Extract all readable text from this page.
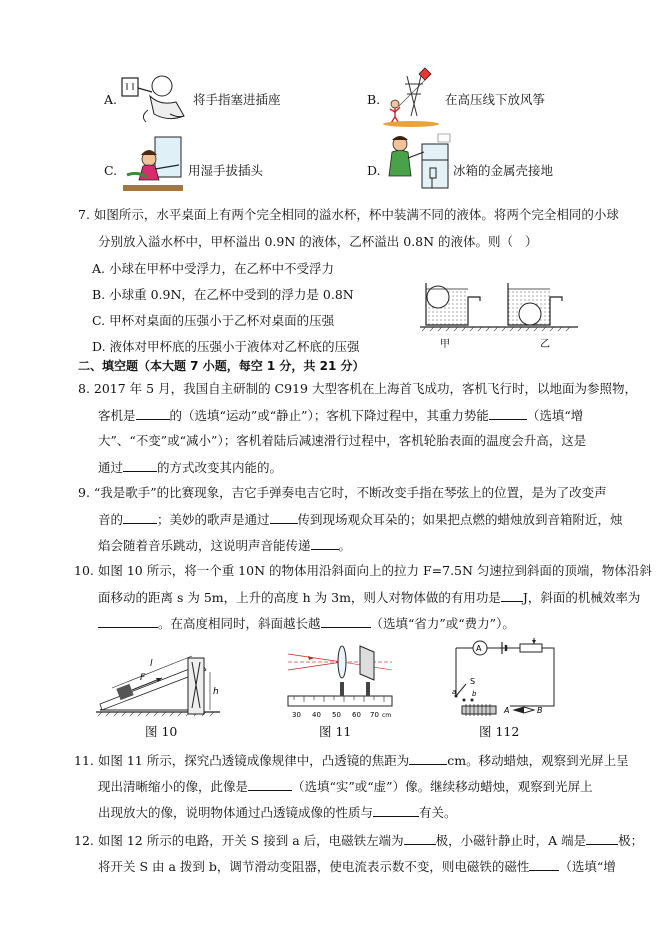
A.	将手指塞进插座	B.	在高压线下放风筝
C.	用湿手拔插头	D.	冰箱的金属壳接地
7. 如图所示，水平桌面上有两个完全相同的溢水杯，杯中装满不同的液体。将两个完全相同的小球
分别放入溢水杯中，甲杯溢出 0.9N 的液体，乙杯溢出 0.8N 的液体。则（ ）
A. 小球在甲杯中受浮力，在乙杯中不受浮力
B. 小球重 0.9N，在乙杯中受到的浮力是 0.8N
C. 甲杯对桌面的压强小于乙杯对桌面的压强
D. 液体对甲杯底的压强小于液体对乙杯底的压强	甲	乙
二、填空题（本大题 7 小题，每空 1 分，共 21 分）
8. 2017 年 5 月，我国自主研制的 C919 大型客机在上海首飞成功，客机飞行时，以地面为参照物，
客机是	的（选填“运动”或“静止”）；客机下降过程中，其重力势能	（选填“增
大”、“不变”或“减小”）；客机着陆后减速滑行过程中，客机轮胎表面的温度会升高，这是
通过	的方式改变其内能的。
9. “我是歌手”的比赛现象，吉它手弹奏电吉它时，不断改变手指在琴弦上的位置，是为了改变声
音的	；美妙的歌声是通过 传到现场观众耳朵的；如果把点燃的蜡烛放到音箱附近，烛
焰会随着音乐跳动，这说明声音能传递 。
10. 如图 10 所示，将一个重 10N 的物体用沿斜面向上的拉力 F=7.5N 匀速拉到斜面的顶端，物体沿斜
面移动的距离 s 为 5m，上升的高度 h 为 3m，则人对物体做的有用功是 J，斜面的机械效率为
。在高度相同时，斜面越长越	（选填“省力”或“费力”）。
F
l
h
30 40 50 60 70 cm
A
S
a b
A	B
图 10	图 11	图 112
11. 如图 11 所示，探究凸透镜成像规律中，凸透镜的焦距为	cm。移动蜡烛，观察到光屏上呈
现出清晰缩小的像，此像是	（选填“实”或“虚”）像。继续移动蜡烛，观察到光屏上
出现放大的像，说明物体通过凸透镜成像的性质与	有关。
12. 如图 12 所示的电路，开关 S 接到 a 后，电磁铁左端为	极，小磁针静止时，A 端是	极；
将开关 S 由 a 拨到 b，调节滑动变阻器，使电流表示数不变，则电磁铁的磁性 （选填“增
